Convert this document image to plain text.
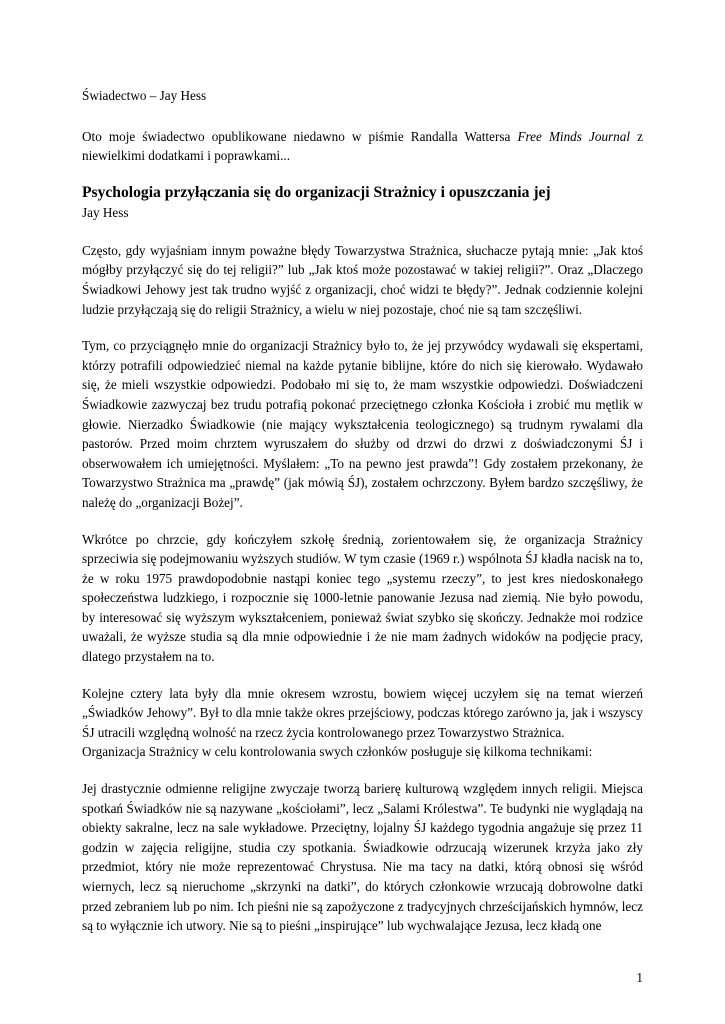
Świadectwo – Jay Hess

Oto moje świadectwo opublikowane niedawno w piśmie Randalla Wattersa Free Minds Journal z niewielkimi dodatkami i poprawkami...

Psychologia przyłączania się do organizacji Strażnicy i opuszczania jej
Jay Hess

Często, gdy wyjaśniam innym poważne błędy Towarzystwa Strażnica, słuchacze pytają mnie: „Jak ktoś mógłby przyłączyć się do tej religii?” lub „Jak ktoś może pozostawać w takiej religii?”. Oraz „Dlaczego Świadkowi Jehowy jest tak trudno wyjść z organizacji, choć widzi te błędy?”. Jednak codziennie kolejni ludzie przyłączają się do religii Strażnicy, a wielu w niej pozostaje, choć nie są tam szczęśliwi.

Tym, co przyciągnęło mnie do organizacji Strażnicy było to, że jej przywódcy wydawali się ekspertami, którzy potrafili odpowiedzieć niemal na każde pytanie biblijne, które do nich się kierowało. Wydawało się, że mieli wszystkie odpowiedzi. Podobało mi się to, że mam wszystkie odpowiedzi. Doświadczeni Świadkowie zazwyczaj bez trudu potrafią pokonać przeciętnego członka Kościoła i zrobić mu mętlik w głowie. Nierzadko Świadkowie (nie mający wykształcenia teologicznego) są trudnym rywalami dla pastorów. Przed moim chrztem wyruszałem do służby od drzwi do drzwi z doświadczonymi ŚJ i obserwowałem ich umiejętności. Myślałem: „To na pewno jest prawda”! Gdy zostałem przekonany, że Towarzystwo Strażnica ma „prawdę” (jak mówią ŚJ), zostałem ochrzczony. Byłem bardzo szczęśliwy, że należę do „organizacji Bożej”.

Wkrótce po chrzcie, gdy kończyłem szkołę średnią, zorientowałem się, że organizacja Strażnicy sprzeciwia się podejmowaniu wyższych studiów. W tym czasie (1969 r.) wspólnota ŚJ kładła nacisk na to, że w roku 1975 prawdopodobnie nastąpi koniec tego „systemu rzeczy”, to jest kres niedoskonałego społeczeństwa ludzkiego, i rozpocznie się 1000-letnie panowanie Jezusa nad ziemią. Nie było powodu, by interesować się wyższym wykształceniem, ponieważ świat szybko się skończy. Jednakże moi rodzice uważali, że wyższe studia są dla mnie odpowiednie i że nie mam żadnych widoków na podjęcie pracy, dlatego przystałem na to.

Kolejne cztery lata były dla mnie okresem wzrostu, bowiem więcej uczyłem się na temat wierzeń „Świadków Jehowy”. Był to dla mnie także okres przejściowy, podczas którego zarówno ja, jak i wszyscy ŚJ utracili względną wolność na rzecz życia kontrolowanego przez Towarzystwo Strażnica.

Organizacja Strażnicy w celu kontrolowania swych członków posługuje się kilkoma technikami:

Jej drastycznie odmienne religijne zwyczaje tworzą barierę kulturową względem innych religii. Miejsca spotkań Świadków nie są nazywane „kościołami”, lecz „Salami Królestwa”. Te budynki nie wyglądają na obiekty sakralne, lecz na sale wykładowe. Przeciętny, lojalny ŚJ każdego tygodnia angażuje się przez 11 godzin w zajęcia religijne, studia czy spotkania. Świadkowie odrzucają wizerunek krzyża jako zły przedmiot, który nie może reprezentować Chrystusa. Nie ma tacy na datki, którą obnosi się wśród wiernych, lecz są nieruchome „skrzynki na datki”, do których członkowie wrzucają dobrowolne datki przed zebraniem lub po nim. Ich pieśni nie są zapożyczone z tradycyjnych chrześcijańskich hymnów, lecz są to wyłącznie ich utwory. Nie są to pieśni „inspirujące” lub wychwalające Jezusa, lecz kładą one

1
